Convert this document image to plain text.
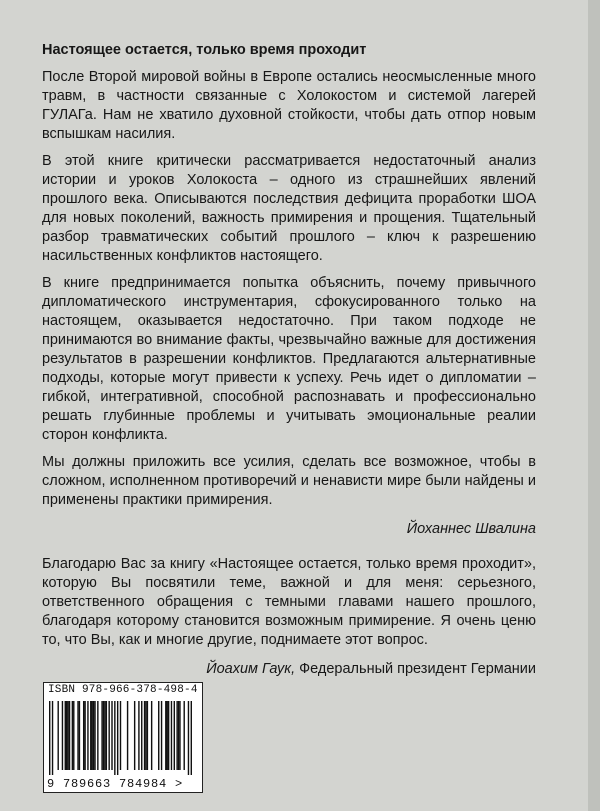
Настоящее остается, только время проходит

После Второй мировой войны в Европе остались неосмысленные много травм, в частности связанные с Холокостом и системой лагерей ГУЛАГа. Нам не хватило духовной стойкости, чтобы дать отпор новым вспышкам насилия.

В этой книге критически рассматривается недостаточный анализ истории и уроков Холокоста – одного из страшнейших явлений прошлого века. Описываются последствия дефицита проработки ШОА для новых поколений, важность примирения и прощения. Тщательный разбор травматических событий прошлого – ключ к разрешению насильственных конфликтов настоящего.

В книге предпринимается попытка объяснить, почему привычного дипломатического инструментария, сфокусированного только на настоящем, оказывается недостаточно. При таком подходе не принимаются во внимание факты, чрезвычайно важные для достижения результатов в разрешении конфликтов. Предлагаются альтернативные подходы, которые могут привести к успеху. Речь идет о дипломатии – гибкой, интегративной, способной распознавать и профессионально решать глубинные проблемы и учитывать эмоциональные реалии сторон конфликта.

Мы должны приложить все усилия, сделать все возможное, чтобы в сложном, исполненном противоречий и ненависти мире были найдены и применены практики примирения.

Йоханнес Швалина

Благодарю Вас за книгу «Настоящее остается, только время проходит», которую Вы посвятили теме, важной и для меня: серьезного, ответственного обращения с темными главами нашего прошлого, благодаря которому становится возможным примирение. Я очень ценю то, что Вы, как и многие другие, поднимаете этот вопрос.

Йоахим Гаук, Федеральный президент Германии
ISBN 978-966-378-498-4
9 789663 784984 >
